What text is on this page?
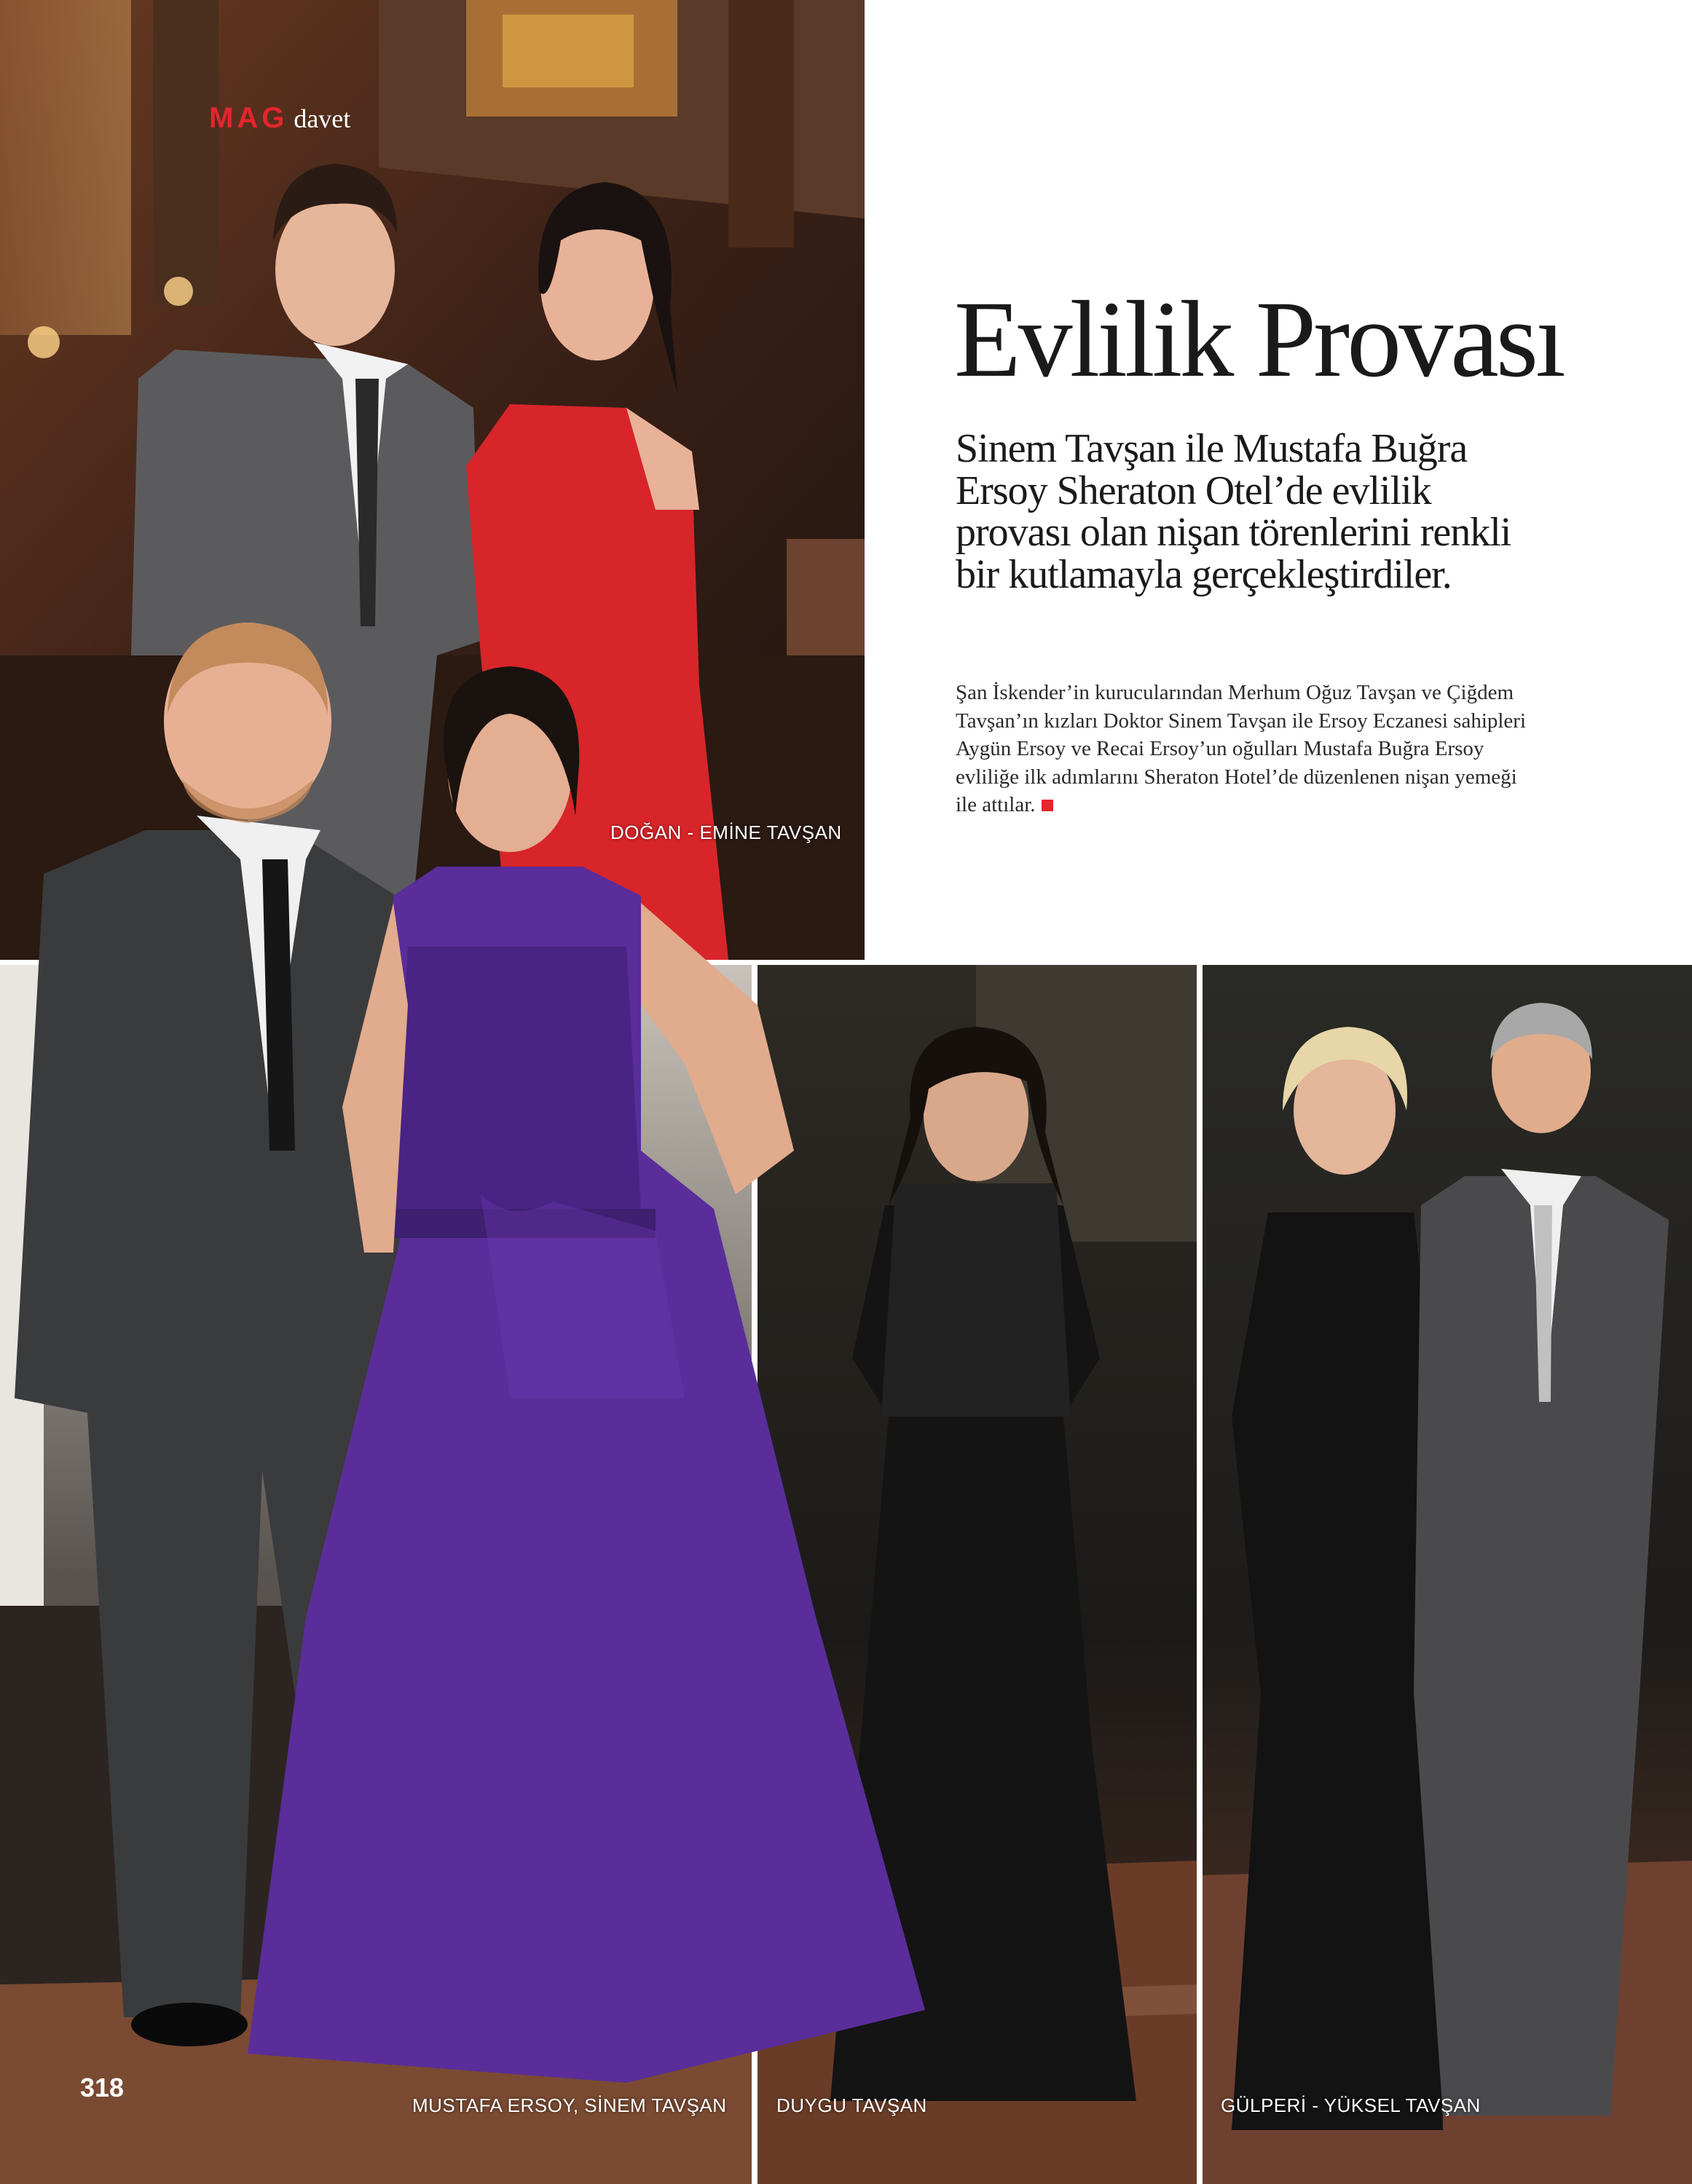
MAG davet
DOĞAN - EMİNE TAVŞAN
MUSTAFA ERSOY, SİNEM TAVŞAN	DUYGU TAVŞAN	GÜLPERİ - YÜKSEL TAVŞAN
318
Evlilik Provası

Sinem Tavşan ile Mustafa Buğra Ersoy Sheraton Otel’de evlilik provası olan nişan törenlerini renkli bir kutlamayla gerçekleştirdiler.

Şan İskender’in kurucularından Merhum Oğuz Tavşan ve Çiğdem Tavşan’ın kızları Doktor Sinem Tavşan ile Ersoy Eczanesi sahipleri Aygün Ersoy ve Recai Ersoy’un oğulları Mustafa Buğra Ersoy evliliğe ilk adımlarını Sheraton Hotel’de düzenlenen nişan yemeği ile attılar.
